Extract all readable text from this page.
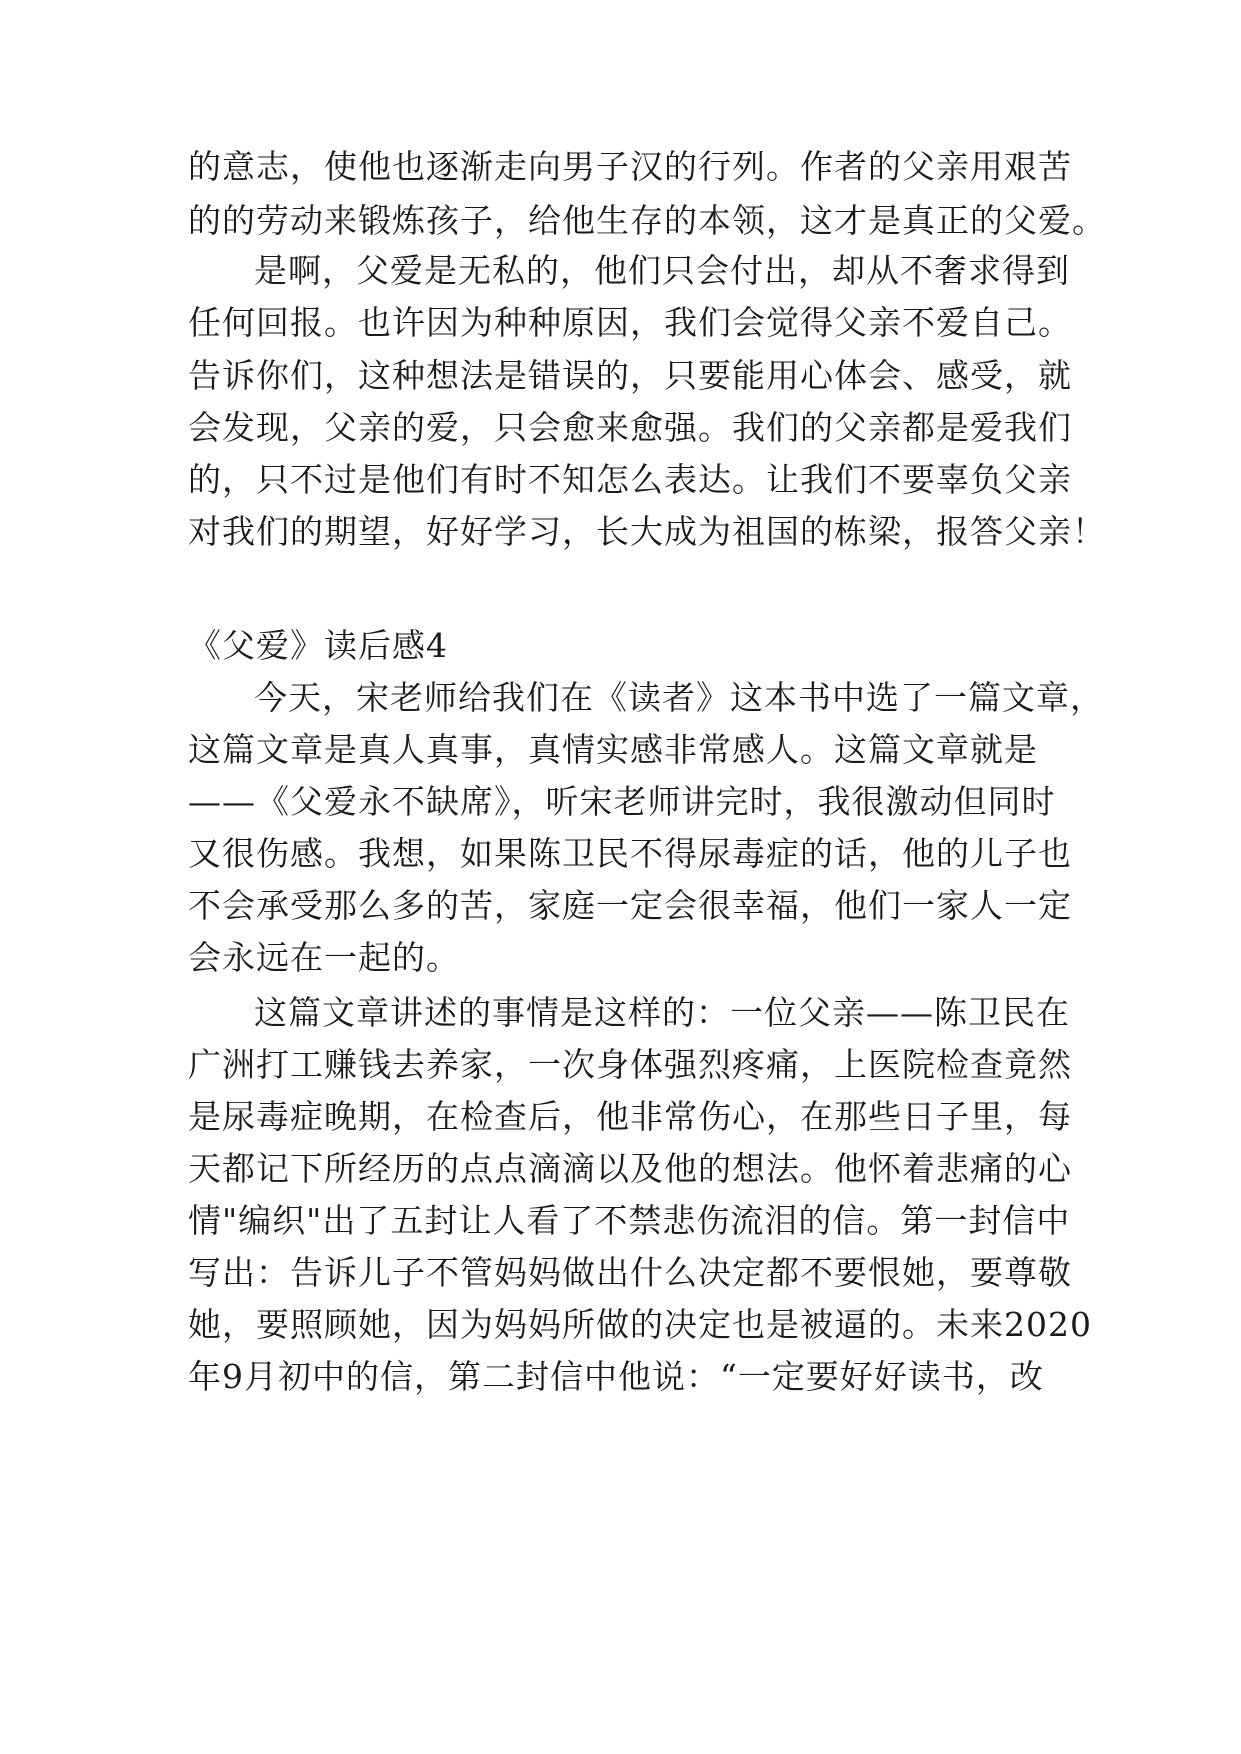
的意志，使他也逐渐走向男子汉的行列。作者的父亲用艰苦
的的劳动来锻炼孩子，给他生存的本领，这才是真正的父爱。
是啊，父爱是无私的，他们只会付出，却从不奢求得到
任何回报。也许因为种种原因，我们会觉得父亲不爱自己。
告诉你们，这种想法是错误的，只要能用心体会、感受，就
会发现，父亲的爱，只会愈来愈强。我们的父亲都是爱我们
的，只不过是他们有时不知怎么表达。让我们不要辜负父亲
对我们的期望，好好学习，长大成为祖国的栋梁，报答父亲！
《父爱》读后感4
今天，宋老师给我们在《读者》这本书中选了一篇文章，
这篇文章是真人真事，真情实感非常感人。这篇文章就是
——《父爱永不缺席》，听宋老师讲完时，我很激动但同时
又很伤感。我想，如果陈卫民不得尿毒症的话，他的儿子也
不会承受那么多的苦，家庭一定会很幸福，他们一家人一定
会永远在一起的。
这篇文章讲述的事情是这样的：一位父亲——陈卫民在
广洲打工赚钱去养家，一次身体强烈疼痛，上医院检查竟然
是尿毒症晚期，在检查后，他非常伤心，在那些日子里，每
天都记下所经历的点点滴滴以及他的想法。他怀着悲痛的心
情"编织"出了五封让人看了不禁悲伤流泪的信。第一封信中
写出：告诉儿子不管妈妈做出什么决定都不要恨她，要尊敬
她，要照顾她，因为妈妈所做的决定也是被逼的。未来2020
年9月初中的信，第二封信中他说：“一定要好好读书，改
